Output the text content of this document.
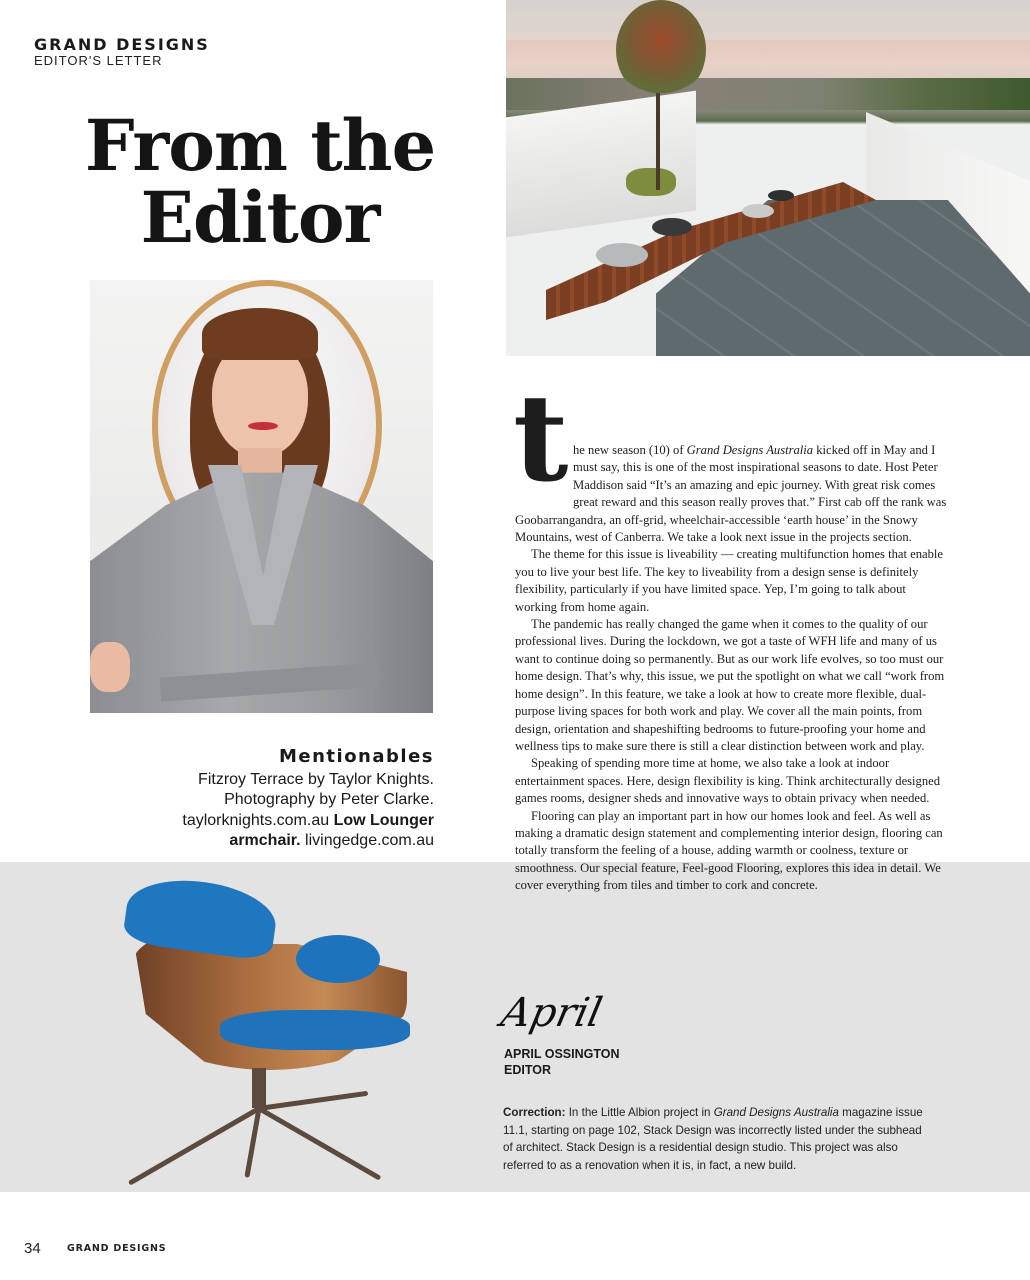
GRAND DESIGNS
EDITOR'S LETTER
From the
Editor
Mentionables
Fitzroy Terrace by Taylor Knights.
Photography by Peter Clarke.
taylorknights.com.au Low Lounger
armchair. livingedge.com.au
t he new season (10) of Grand Designs Australia kicked off in May and I must say, this is one of the most inspirational seasons to date. Host Peter Maddison said “It’s an amazing and epic journey. With great risk comes great reward and this season really proves that.” First cab off the rank was Goobarrangandra, an off-grid, wheelchair-accessible ‘earth house’ in the Snowy Mountains, west of Canberra. We take a look next issue in the projects section.

The theme for this issue is liveability — creating multifunction homes that enable you to live your best life. The key to liveability from a design sense is definitely flexibility, particularly if you have limited space. Yep, I’m going to talk about working from home again.

The pandemic has really changed the game when it comes to the quality of our professional lives. During the lockdown, we got a taste of WFH life and many of us want to continue doing so permanently. But as our work life evolves, so too must our home design. That’s why, this issue, we put the spotlight on what we call “work from home design”. In this feature, we take a look at how to create more flexible, dual-purpose living spaces for both work and play. We cover all the main points, from design, orientation and shapeshifting bedrooms to future-proofing your home and wellness tips to make sure there is still a clear distinction between work and play.

Speaking of spending more time at home, we also take a look at indoor entertainment spaces. Here, design flexibility is king. Think architecturally designed games rooms, designer sheds and innovative ways to obtain privacy when needed.

Flooring can play an important part in how our homes look and feel. As well as making a dramatic design statement and complementing interior design, flooring can totally transform the feeling of a house, adding warmth or coolness, texture or smoothness. Our special feature, Feel-good Flooring, explores this idea in detail. We cover everything from tiles and timber to cork and concrete.

April
APRIL OSSINGTON
EDITOR
Correction: In the Little Albion project in Grand Designs Australia magazine issue 11.1, starting on page 102, Stack Design was incorrectly listed under the subhead of architect. Stack Design is a residential design studio. This project was also referred to as a renovation when it is, in fact, a new build.
34	GRAND DESIGNS
